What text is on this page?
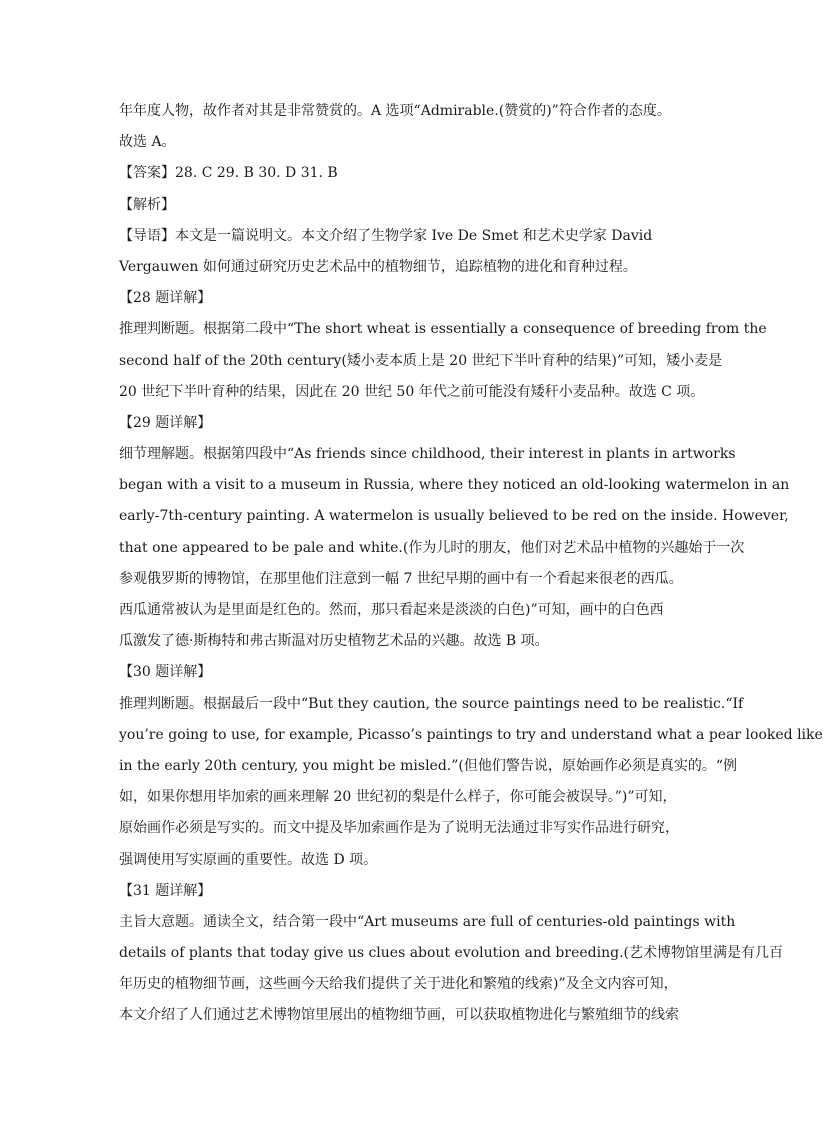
年年度人物，故作者对其是非常赞赏的。A 选项“Admirable.(赞赏的)”符合作者的态度。
故选 A。
【答案】28. C 29. B 30. D 31. B
【解析】
【导语】本文是一篇说明文。本文介绍了生物学家 Ive De Smet 和艺术史学家 David
Vergauwen 如何通过研究历史艺术品中的植物细节，追踪植物的进化和育种过程。
【28 题详解】
推理判断题。根据第二段中“The short wheat is essentially a consequence of breeding from the
second half of the 20th century(矮小麦本质上是 20 世纪下半叶育种的结果)”可知，矮小麦是
20 世纪下半叶育种的结果，因此在 20 世纪 50 年代之前可能没有矮秆小麦品种。故选 C 项。
【29 题详解】
细节理解题。根据第四段中“As friends since childhood, their interest in plants in artworks
began with a visit to a museum in Russia, where they noticed an old-looking watermelon in an
early-7th-century painting. A watermelon is usually believed to be red on the inside. However,
that one appeared to be pale and white.(作为儿时的朋友，他们对艺术品中植物的兴趣始于一次
参观俄罗斯的博物馆，在那里他们注意到一幅 7 世纪早期的画中有一个看起来很老的西瓜。
西瓜通常被认为是里面是红色的。然而，那只看起来是淡淡的白色)”可知，画中的白色西
瓜激发了德·斯梅特和弗古斯温对历史植物艺术品的兴趣。故选 B 项。
【30 题详解】
推理判断题。根据最后一段中“But they caution, the source paintings need to be realistic.“If
you’re going to use, for example, Picasso’s paintings to try and understand what a pear looked like
in the early 20th century, you might be misled.”(但他们警告说，原始画作必须是真实的。“例
如，如果你想用毕加索的画来理解 20 世纪初的梨是什么样子，你可能会被误导。”)”可知，
原始画作必须是写实的。而文中提及毕加索画作是为了说明无法通过非写实作品进行研究，
强调使用写实原画的重要性。故选 D 项。
【31 题详解】
主旨大意题。通读全文，结合第一段中“Art museums are full of centuries-old paintings with
details of plants that today give us clues about evolution and breeding.(艺术博物馆里满是有几百
年历史的植物细节画，这些画今天给我们提供了关于进化和繁殖的线索)”及全文内容可知，
本文介绍了人们通过艺术博物馆里展出的植物细节画，可以获取植物进化与繁殖细节的线索
